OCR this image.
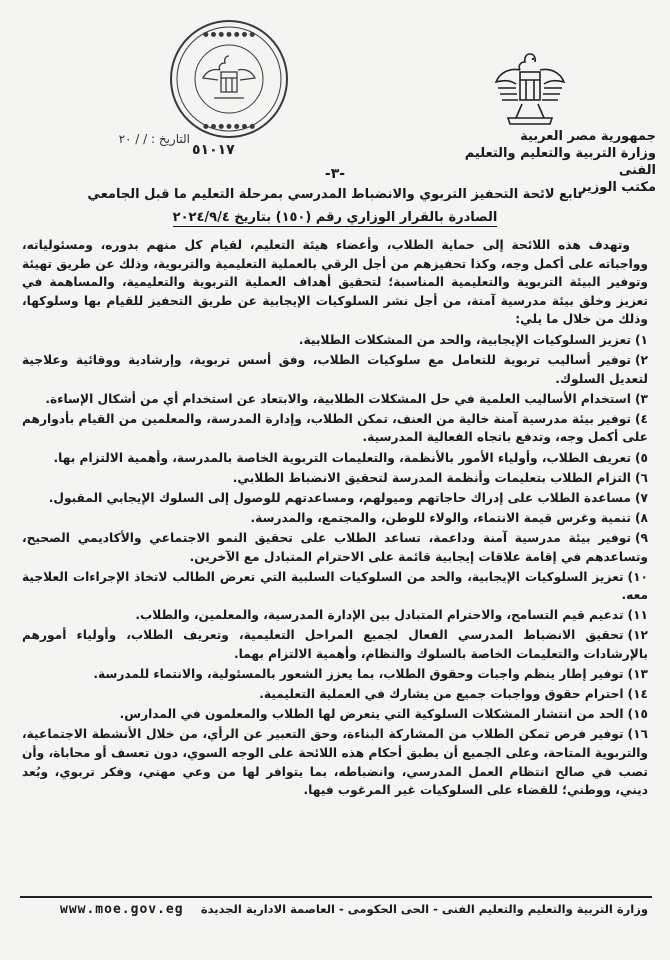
● ● ● ● ● ● ●
● ● ● ● ● ● ●
جمهورية مصر العربية
وزارة التربية والتعليم والتعليم الفنى
مكتب الوزير
التاريخ : / / ٢٠
٥١٠١٧
-٣-
تابع لائحة التحفيز التربوي والانضباط المدرسي بمرحلة التعليم ما قبل الجامعي
الصادرة بالقرار الوزاري رقم (١٥٠) بتاريخ ٢٠٢٤/٩/٤

وتهدف هذه اللائحة إلى حماية الطلاب، وأعضاء هيئة التعليم، لقيام كل منهم بدوره، ومسئولياته، وواجباته على أكمل وجه، وكذا تحفيزهم من أجل الرقي بالعملية التعليمية والتربوية، وذلك عن طريق تهيئة وتوفير البيئة التربوية والتعليمية المناسبة؛ لتحقيق أهداف العملية التربوية والتعليمية، والمساهمة في تعزيز وخلق بيئة مدرسية آمنة، من أجل نشر السلوكيات الإيجابية عن طريق التحفيز للقيام بها وسلوكها، وذلك من خلال ما يلي:

١)تعزيز السلوكيات الإيجابية، والحد من المشكلات الطلابية.
٢)توفير أساليب تربوية للتعامل مع سلوكيات الطلاب، وفق أسس تربوية، وإرشادية ووقائية وعلاجية لتعديل السلوك.
٣)استخدام الأساليب العلمية في حل المشكلات الطلابية، والابتعاد عن استخدام أي من أشكال الإساءة.
٤)توفير بيئة مدرسية آمنة خالية من العنف، تمكن الطلاب، وإدارة المدرسة، والمعلمين من القيام بأدوارهم على أكمل وجه، وتدفع باتجاه الفعالية المدرسية.
٥)تعريف الطلاب، وأولياء الأمور بالأنظمة، والتعليمات التربوية الخاصة بالمدرسة، وأهمية الالتزام بها.
٦)التزام الطلاب بتعليمات وأنظمة المدرسة لتحقيق الانضباط الطلابي.
٧)مساعدة الطلاب على إدراك حاجاتهم وميولهم، ومساعدتهم للوصول إلى السلوك الإيجابي المقبول.
٨)تنمية وغرس قيمة الانتماء، والولاء للوطن، والمجتمع، والمدرسة.
٩)توفير بيئة مدرسية آمنة وداعمة، تساعد الطلاب على تحقيق النمو الاجتماعي والأكاديمي الصحيح، وتساعدهم في إقامة علاقات إيجابية قائمة على الاحترام المتبادل مع الآخرين.
١٠)تعزيز السلوكيات الإيجابية، والحد من السلوكيات السلبية التي تعرض الطالب لاتخاذ الإجراءات العلاجية معه.
١١)تدعيم قيم التسامح، والاحترام المتبادل بين الإدارة المدرسية، والمعلمين، والطلاب.
١٢)تحقيق الانضباط المدرسي الفعال لجميع المراحل التعليمية، وتعريف الطلاب، وأولياء أمورهم بالإرشادات والتعليمات الخاصة بالسلوك والنظام، وأهمية الالتزام بهما.
١٣)توفير إطار ينظم واجبات وحقوق الطلاب، بما يعزز الشعور بالمسئولية، والانتماء للمدرسة.
١٤)احترام حقوق وواجبات جميع من يشارك في العملية التعليمية.
١٥)الحد من انتشار المشكلات السلوكية التي يتعرض لها الطلاب والمعلمون في المدارس.
١٦)توفير فرص تمكن الطلاب من المشاركة البناءة، وحق التعبير عن الرأي، من خلال الأنشطة الاجتماعية، والتربوية المتاحة، وعلى الجميع أن يطبق أحكام هذه اللائحة على الوجه السوي، دون تعسف أو محاباة، وأن تصب في صالح انتظام العمل المدرسي، وانضباطه، بما يتوافر لها من وعي مهني، وفكر تربوي، وبُعد ديني، ووطني؛ للقضاء على السلوكيات غير المرغوب فيها.
www.moe.gov.eg وزارة التربية والتعليم والتعليم الفنى - الحى الحكومى - العاصمة الادارية الجديدة
